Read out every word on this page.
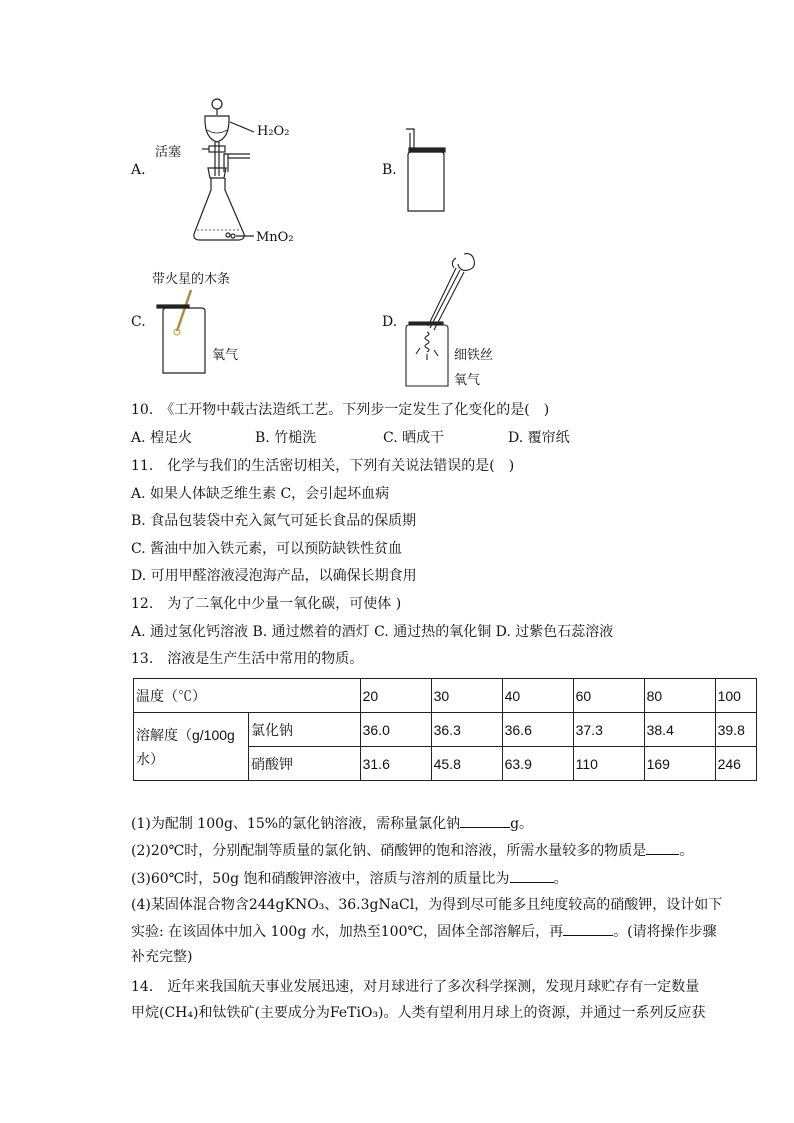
A.
活塞
H₂O₂
MnO₂
B.
带火星的木条
C.
氧气
D.
细铁丝
氧气
10.　《工开物中载古法造纸工艺。下列步一定发生了化变化的是(　)
A. 楻足火	B. 竹槌洗	C. 晒成干	D. 覆帘纸
11.　化学与我们的生活密切相关，下列有关说法错误的是(　)
A. 如果人体缺乏维生素 C，会引起坏血病
B. 食品包装袋中充入氮气可延长食品的保质期
C. 酱油中加入铁元素，可以预防缺铁性贫血
D. 可用甲醛溶液浸泡海产品，以确保长期食用
12.　为了二氧化中少量一氧化碳，可使体 )
A. 通过氢化钙溶液 B. 通过燃着的酒灯 C. 通过热的氧化铜 D. 过紫色石蕊溶液
13.　溶液是生产生活中常用的物质。
温度（℃）		20	30	40	60	80	100
溶解度（g/100g水）	氯化钠	36.0	36.3	36.6	37.3	38.4	39.8
	硝酸钾	31.6	45.8	63.9	110	169	246
(1)为配制 100g、15%的氯化钠溶液，需称量氯化钠	g。
(2)20℃时，分别配制等质量的氯化钠、硝酸钾的饱和溶液，所需水量较多的物质是 。
(3)60℃时，50g 饱和硝酸钾溶液中，溶质与溶剂的质量比为	。
(4)某固体混合物含244gKNO₃、36.3gNaCl，为得到尽可能多且纯度较高的硝酸钾，设计如下
实验: 在该固体中加入 100g 水，加热至100℃，固体全部溶解后，再	。(请将操作步骤
补充完整)
14.　近年来我国航天事业发展迅速，对月球进行了多次科学探测，发现月球贮存有一定数量
甲烷(CH₄)和钛铁矿(主要成分为FeTiO₃)。人类有望利用月球上的资源，并通过一系列反应获
